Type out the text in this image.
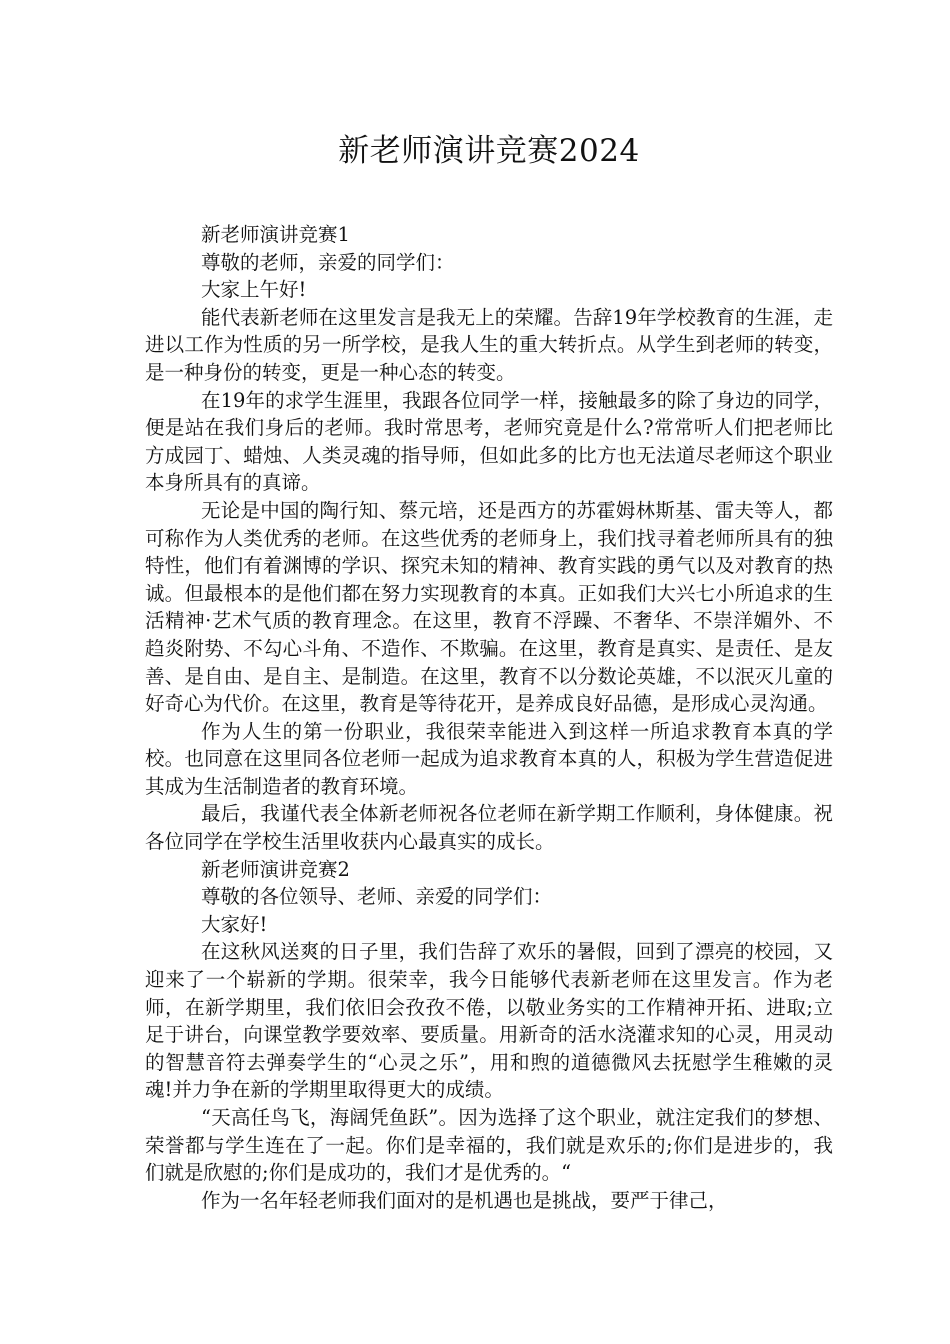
新老师演讲竞赛2024

新老师演讲竞赛1

尊敬的老师，亲爱的同学们：

大家上午好!

能代表新老师在这里发言是我无上的荣耀。告辞19年学校教育的生涯，走进以工作为性质的另一所学校，是我人生的重大转折点。从学生到老师的转变，是一种身份的转变，更是一种心态的转变。

在19年的求学生涯里，我跟各位同学一样，接触最多的除了身边的同学，便是站在我们身后的老师。我时常思考，老师究竟是什么?常常听人们把老师比方成园丁、蜡烛、人类灵魂的指导师，但如此多的比方也无法道尽老师这个职业本身所具有的真谛。

无论是中国的陶行知、蔡元培，还是西方的苏霍姆林斯基、雷夫等人，都可称作为人类优秀的老师。在这些优秀的老师身上，我们找寻着老师所具有的独特性，他们有着渊博的学识、探究未知的精神、教育实践的勇气以及对教育的热诚。但最根本的是他们都在努力实现教育的本真。正如我们大兴七小所追求的生活精神·艺术气质的教育理念。在这里，教育不浮躁、不奢华、不崇洋媚外、不趋炎附势、不勾心斗角、不造作、不欺骗。在这里，教育是真实、是责任、是友善、是自由、是自主、是制造。在这里，教育不以分数论英雄，不以泯灭儿童的好奇心为代价。在这里，教育是等待花开，是养成良好品德，是形成心灵沟通。

作为人生的第一份职业，我很荣幸能进入到这样一所追求教育本真的学校。也同意在这里同各位老师一起成为追求教育本真的人，积极为学生营造促进其成为生活制造者的教育环境。

最后，我谨代表全体新老师祝各位老师在新学期工作顺利，身体健康。祝各位同学在学校生活里收获内心最真实的成长。

新老师演讲竞赛2

尊敬的各位领导、老师、亲爱的同学们：

大家好!

在这秋风送爽的日子里，我们告辞了欢乐的暑假，回到了漂亮的校园，又迎来了一个崭新的学期。很荣幸，我今日能够代表新老师在这里发言。作为老师，在新学期里，我们依旧会孜孜不倦，以敬业务实的工作精神开拓、进取;立足于讲台，向课堂教学要效率、要质量。用新奇的活水浇灌求知的心灵，用灵动的智慧音符去弹奏学生的“心灵之乐”，用和煦的道德微风去抚慰学生稚嫩的灵魂!并力争在新的学期里取得更大的成绩。

“天高任鸟飞，海阔凭鱼跃”。因为选择了这个职业，就注定我们的梦想、荣誉都与学生连在了一起。你们是幸福的，我们就是欢乐的;你们是进步的，我们就是欣慰的;你们是成功的，我们才是优秀的。“

作为一名年轻老师我们面对的是机遇也是挑战，要严于律己，
